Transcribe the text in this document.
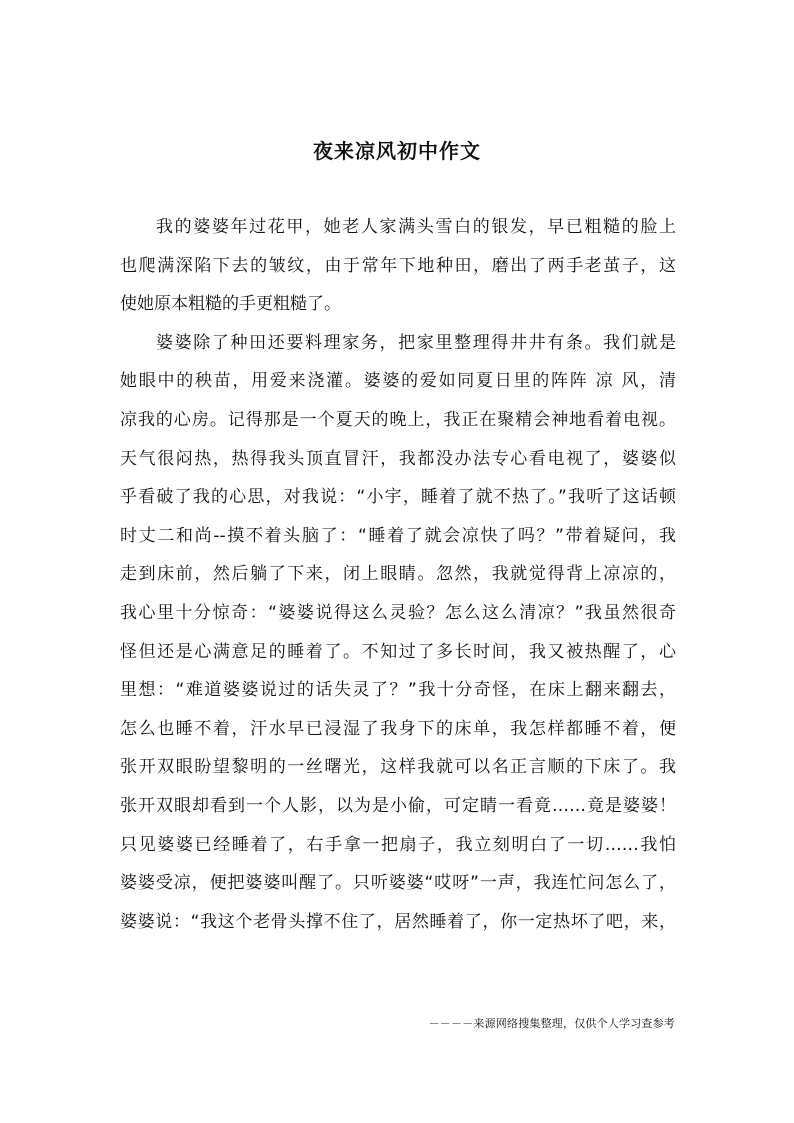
夜来凉风初中作文
我的婆婆年过花甲，她老人家满头雪白的银发，早已粗糙的脸上
也爬满深陷下去的皱纹，由于常年下地种田，磨出了两手老茧子，这
使她原本粗糙的手更粗糙了。
婆婆除了种田还要料理家务，把家里整理得井井有条。我们就是
她眼中的秧苗，用爱来浇灌。婆婆的爱如同夏日里的阵阵 凉 风，清
凉我的心房。记得那是一个夏天的晚上，我正在聚精会神地看着电视。
天气很闷热，热得我头顶直冒汗，我都没办法专心看电视了，婆婆似
乎看破了我的心思，对我说：“小宇，睡着了就不热了。”我听了这话顿
时丈二和尚--摸不着头脑了：“睡着了就会凉快了吗？”带着疑问，我
走到床前，然后躺了下来，闭上眼睛。忽然，我就觉得背上凉凉的，
我心里十分惊奇：“婆婆说得这么灵验？怎么这么清凉？”我虽然很奇
怪但还是心满意足的睡着了。不知过了多长时间，我又被热醒了，心
里想：“难道婆婆说过的话失灵了？”我十分奇怪，在床上翻来翻去，
怎么也睡不着，汗水早已浸湿了我身下的床单，我怎样都睡不着，便
张开双眼盼望黎明的一丝曙光，这样我就可以名正言顺的下床了。我
张开双眼却看到一个人影，以为是小偷，可定睛一看竟……竟是婆婆！
只见婆婆已经睡着了，右手拿一把扇子，我立刻明白了一切……我怕
婆婆受凉，便把婆婆叫醒了。只听婆婆“哎呀”一声，我连忙问怎么了，
婆婆说：“我这个老骨头撑不住了，居然睡着了，你一定热坏了吧，来，
－－－－来源网络搜集整理，仅供个人学习查参考
